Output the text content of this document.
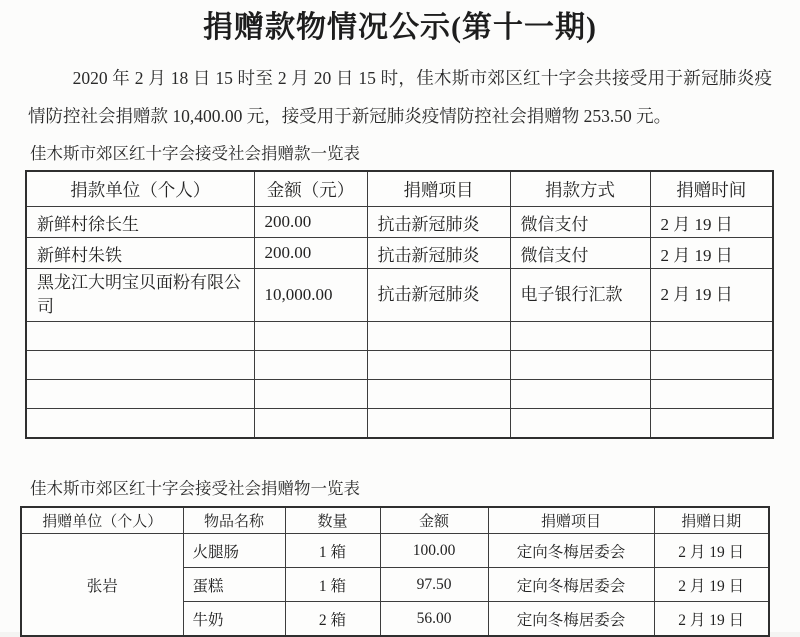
捐赠款物情况公示(第十一期)

2020 年 2 月 18 日 15 时至 2 月 20 日 15 时，佳木斯市郊区红十字会共接受用于新冠肺炎疫情防控社会捐赠款 10,400.00 元，接受用于新冠肺炎疫情防控社会捐赠物 253.50 元。

佳木斯市郊区红十字会接受社会捐赠款一览表

捐款单位（个人）	金额（元）	捐赠项目	捐款方式	捐赠时间
新鲜村徐长生	200.00	抗击新冠肺炎	微信支付	2 月 19 日
新鲜村朱铁	200.00	抗击新冠肺炎	微信支付	2 月 19 日
黑龙江大明宝贝面粉有限公司	10,000.00	抗击新冠肺炎	电子银行汇款	2 月 19 日

佳木斯市郊区红十字会接受社会捐赠物一览表

捐赠单位（个人）	物品名称	数量	金额	捐赠项目	捐赠日期
张岩	火腿肠	1 箱	100.00	定向冬梅居委会	2 月 19 日
	蛋糕	1 箱	97.50	定向冬梅居委会	2 月 19 日
	牛奶	2 箱	56.00	定向冬梅居委会	2 月 19 日
